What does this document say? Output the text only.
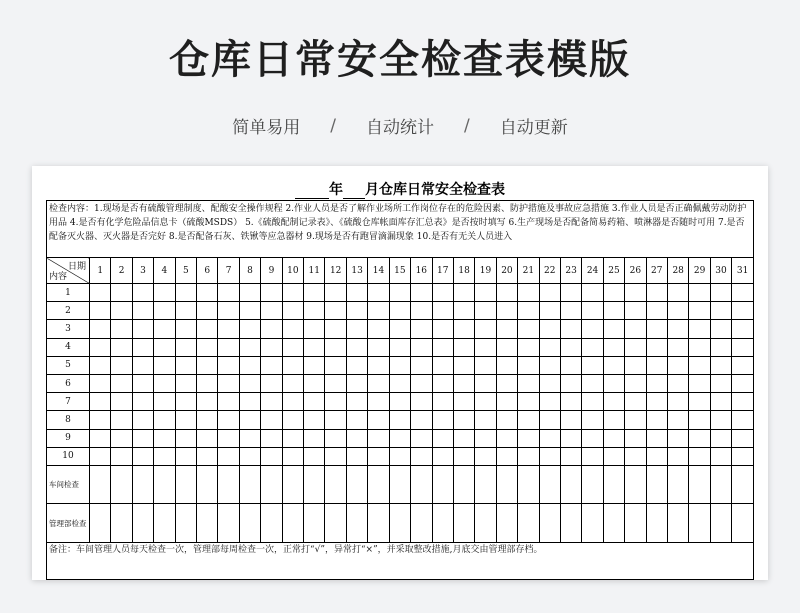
仓库日常安全检查表模版
简单易用 / 自动统计 / 自动更新
年 月仓库日常安全检查表
检查内容：1.现场是否有硫酸管理制度、配酸安全操作规程 2.作业人员是否了解作业场所工作岗位存在的危险因素、防护措施及事故应急措施 3.作业人员是否正确佩戴劳动防护用品 4.是否有化学危险品信息卡（硫酸MSDS） 5.《硫酸配制记录表》、《硫酸仓库帐面库存汇总表》是否按时填写 6.生产现场是否配备简易药箱、喷淋器是否随时可用 7.是否配备灭火器、灭火器是否完好 8.是否配备石灰、铁锹等应急器材 9.现场是否有跑冒滴漏现象 10.是否有无关人员进入
日期
内容	1	2	3	4	5	6	7	8	9	10	11	12	13	14	15	16	17	18	19	20	21	22	23	24	25	26	27	28	29	30	31
1																															
2																															
3																															
4																															
5																															
6																															
7																															
8																															
9																															
10																															
车间检查																															
管理部检查																															
备注：车间管理人员每天检查一次，管理部每周检查一次，正常打“√”，异常打“×”，并采取整改措施,月底交由管理部存档。
